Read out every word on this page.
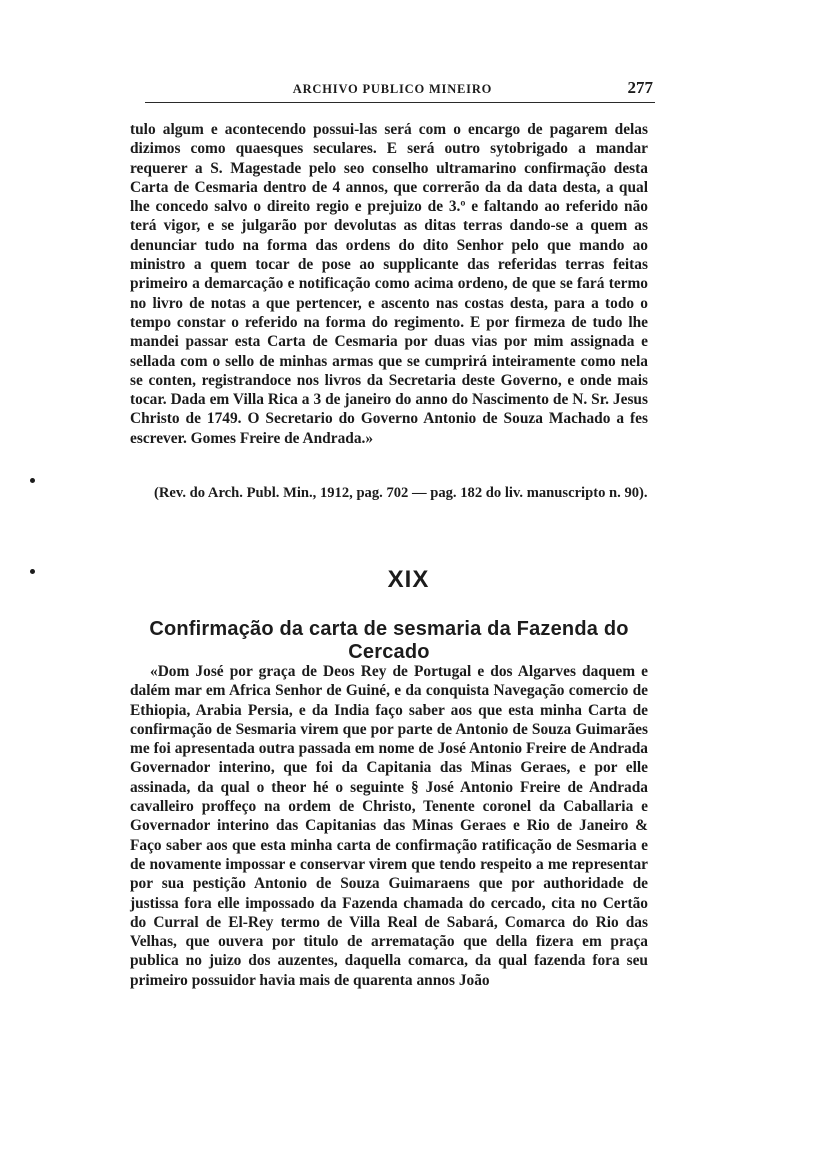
ARCHIVO PUBLICO MINEIRO	277

tulo algum e acontecendo possui-las será com o encargo de pagarem delas dizimos como quaesques seculares. E será outro sytobrigado a mandar requerer a S. Magestade pelo seo conselho ultramarino confirmação desta Carta de Cesmaria dentro de 4 annos, que correrão da da data desta, a qual lhe concedo salvo o direito regio e prejuizo de 3.º e faltando ao referido não terá vigor, e se julgarão por devolutas as ditas terras dando-se a quem as denunciar tudo na forma das ordens do dito Senhor pelo que mando ao ministro a quem tocar de pose ao supplicante das referidas terras feitas primeiro a demarcação e notificação como acima ordeno, de que se fará termo no livro de notas a que pertencer, e ascento nas costas desta, para a todo o tempo constar o referido na forma do regimento. E por firmeza de tudo lhe mandei passar esta Carta de Cesmaria por duas vias por mim assignada e sellada com o sello de minhas armas que se cumprirá inteiramente como nela se conten, registrandoce nos livros da Secretaria deste Governo, e onde mais tocar. Dada em Villa Rica a 3 de janeiro do anno do Nascimento de N. Sr. Jesus Christo de 1749. O Secretario do Governo Antonio de Souza Machado a fes escrever. Gomes Freire de Andrada.»

(Rev. do Arch. Publ. Min., 1912, pag. 702 — pag. 182 do liv. manuscripto n. 90).

XIX
Confirmação da carta de sesmaria da Fazenda do Cercado

«Dom José por graça de Deos Rey de Portugal e dos Algarves daquem e dalém mar em Africa Senhor de Guiné, e da conquista Navegação comercio de Ethiopia, Arabia Persia, e da India faço saber aos que esta minha Carta de confirmação de Sesmaria virem que por parte de Antonio de Souza Guimarães me foi apresentada outra passada em nome de José Antonio Freire de Andrada Governador interino, que foi da Capitania das Minas Geraes, e por elle assinada, da qual o theor hé o seguinte § José Antonio Freire de Andrada cavalleiro proffeço na ordem de Christo, Tenente coronel da Caballaria e Governador interino das Capitanias das Minas Geraes e Rio de Janeiro & Faço saber aos que esta minha carta de confirmação ratificação de Sesmaria e de novamente impossar e conservar virem que tendo respeito a me representar por sua pestição Antonio de Souza Guimaraens que por authoridade de justissa fora elle impossado da Fazenda chamada do cercado, cita no Certão do Curral de El-Rey termo de Villa Real de Sabará, Comarca do Rio das Velhas, que ouvera por titulo de arrematação que della fizera em praça publica no juizo dos auzentes, daquella comarca, da qual fazenda fora seu primeiro possuidor havia mais de quarenta annos João
